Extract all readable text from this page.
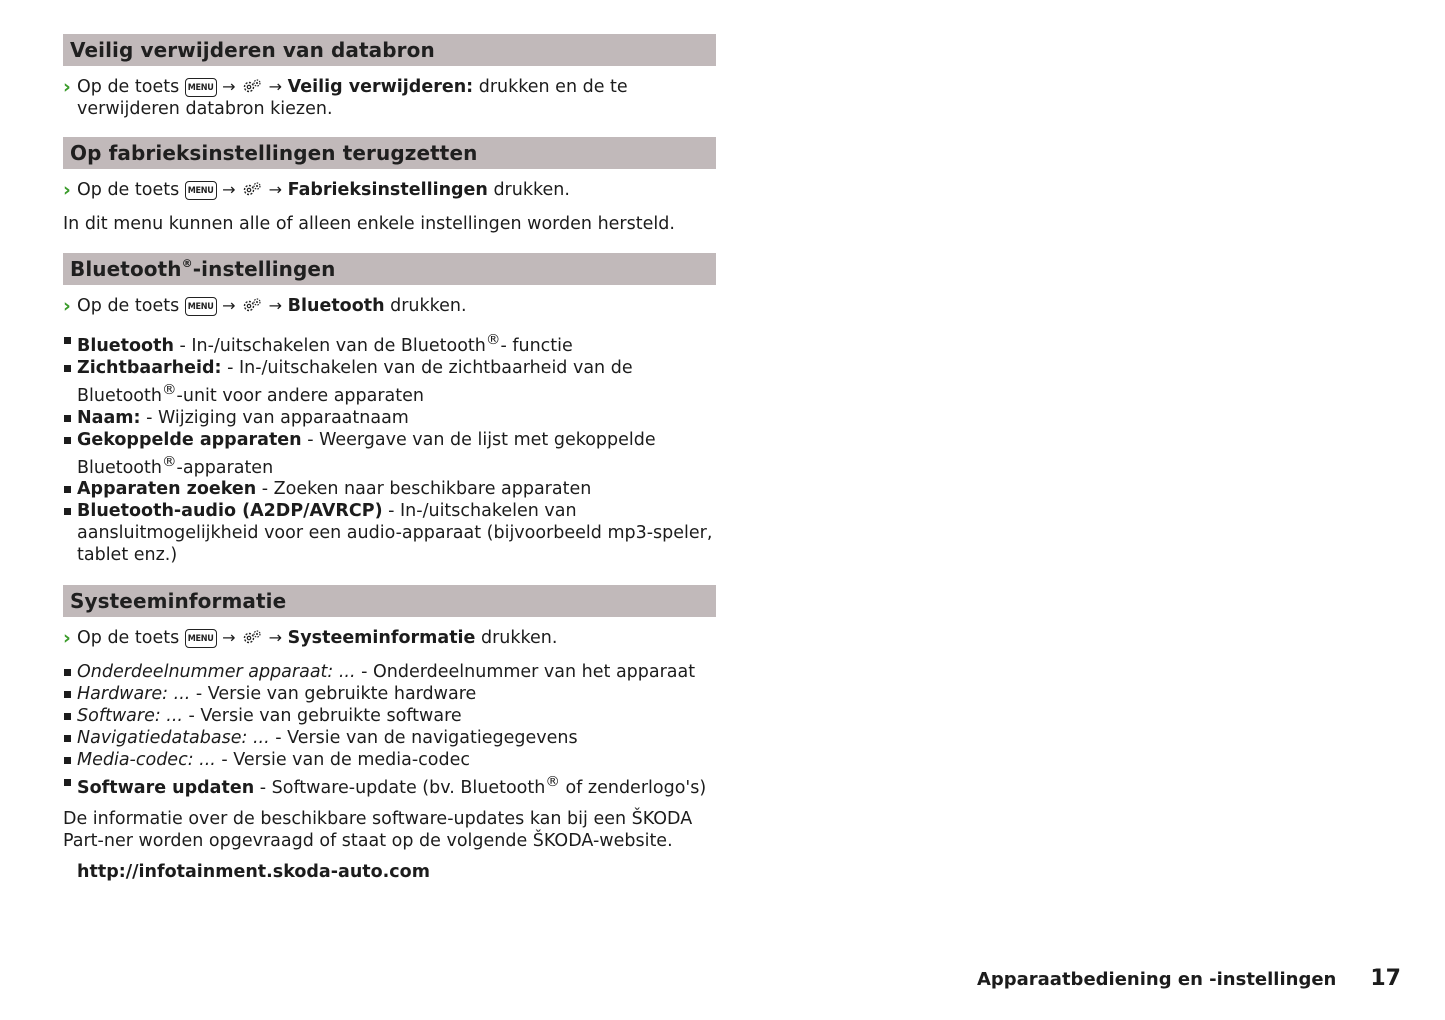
Veilig verwijderen van databron
› Op de toets MENU → → Veilig verwijderen: drukken en de te verwijderen databron kiezen.
Op fabrieksinstellingen terugzetten
› Op de toets MENU → → Fabrieksinstellingen drukken.
In dit menu kunnen alle of alleen enkele instellingen worden hersteld.
Bluetooth®-instellingen
› Op de toets MENU → → Bluetooth drukken.
Bluetooth - In-/uitschakelen van de Bluetooth®- functie
Zichtbaarheid: - In-/uitschakelen van de zichtbaarheid van de Bluetooth®-unit voor andere apparaten
Naam: - Wijziging van apparaatnaam
Gekoppelde apparaten - Weergave van de lijst met gekoppelde Bluetooth®-apparaten
Apparaten zoeken - Zoeken naar beschikbare apparaten
Bluetooth-audio (A2DP/AVRCP) - In-/uitschakelen van aansluitmogelijkheid voor een audio-apparaat (bijvoorbeeld mp3-speler, tablet enz.)
Systeeminformatie
› Op de toets MENU → → Systeeminformatie drukken.
Onderdeelnummer apparaat: ... - Onderdeelnummer van het apparaat
Hardware: ... - Versie van gebruikte hardware
Software: ... - Versie van gebruikte software
Navigatiedatabase: ... - Versie van de navigatiegegevens
Media-codec: ... - Versie van de media-codec
Software updaten - Software-update (bv. Bluetooth® of zenderlogo's)
De informatie over de beschikbare software-updates kan bij een ŠKODA Part-ner worden opgevraagd of staat op de volgende ŠKODA-website.
http://infotainment.skoda-auto.com
Apparaatbediening en -instellingen 17
